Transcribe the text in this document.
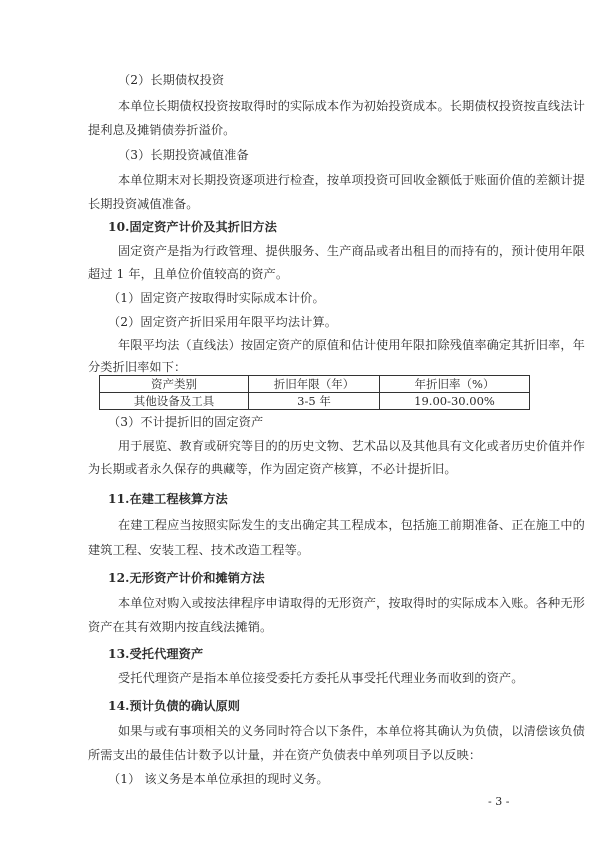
（2）长期债权投资
本单位长期债权投资按取得时的实际成本作为初始投资成本。长期债权投资按直线法计
提利息及摊销债券折溢价。
（3）长期投资减值准备
本单位期末对长期投资逐项进行检查，按单项投资可回收金额低于账面价值的差额计提
长期投资减值准备。
10.固定资产计价及其折旧方法
固定资产是指为行政管理、提供服务、生产商品或者出租目的而持有的，预计使用年限
超过 1 年，且单位价值较高的资产。
（1）固定资产按取得时实际成本计价。
（2）固定资产折旧采用年限平均法计算。
年限平均法（直线法）按固定资产的原值和估计使用年限扣除残值率确定其折旧率，年
分类折旧率如下：
资产类别	折旧年限（年）	年折旧率（%）
其他设备及工具	3-5 年	19.00-30.00%
（3）不计提折旧的固定资产
用于展览、教育或研究等目的的历史文物、艺术品以及其他具有文化或者历史价值并作
为长期或者永久保存的典藏等，作为固定资产核算，不必计提折旧。
11.在建工程核算方法
在建工程应当按照实际发生的支出确定其工程成本，包括施工前期准备、正在施工中的
建筑工程、安装工程、技术改造工程等。
12.无形资产计价和摊销方法
本单位对购入或按法律程序申请取得的无形资产，按取得时的实际成本入账。各种无形
资产在其有效期内按直线法摊销。
13.受托代理资产
受托代理资产是指本单位接受委托方委托从事受托代理业务而收到的资产。
14.预计负债的确认原则
如果与或有事项相关的义务同时符合以下条件，本单位将其确认为负债，以清偿该负债
所需支出的最佳估计数予以计量，并在资产负债表中单列项目予以反映：
（1） 该义务是本单位承担的现时义务。
- 3 -
